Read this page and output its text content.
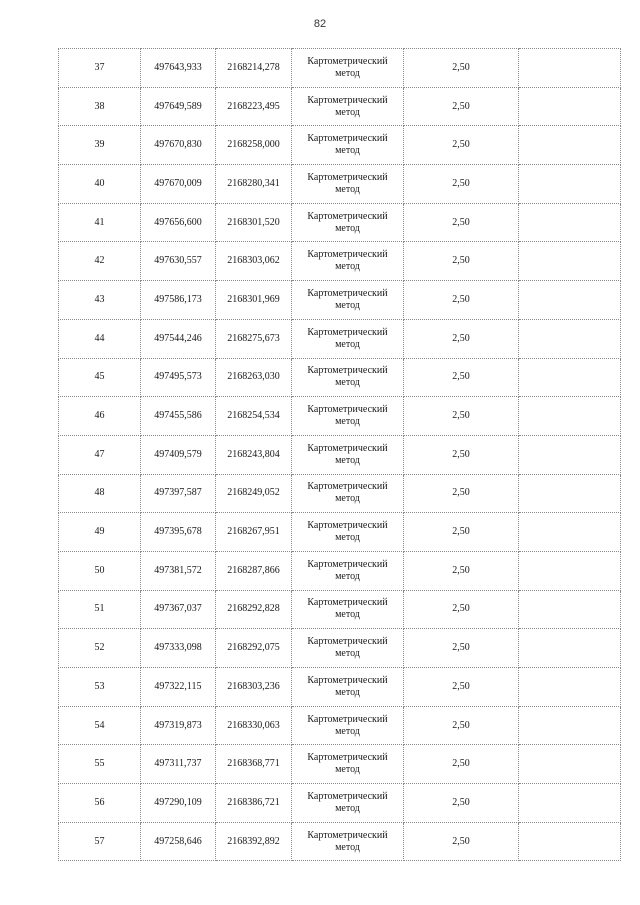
82
37	497643,933	2168214,278	Картометрический
метод	2,50	
38	497649,589	2168223,495	Картометрический
метод	2,50	
39	497670,830	2168258,000	Картометрический
метод	2,50	
40	497670,009	2168280,341	Картометрический
метод	2,50	
41	497656,600	2168301,520	Картометрический
метод	2,50	
42	497630,557	2168303,062	Картометрический
метод	2,50	
43	497586,173	2168301,969	Картометрический
метод	2,50	
44	497544,246	2168275,673	Картометрический
метод	2,50	
45	497495,573	2168263,030	Картометрический
метод	2,50	
46	497455,586	2168254,534	Картометрический
метод	2,50	
47	497409,579	2168243,804	Картометрический
метод	2,50	
48	497397,587	2168249,052	Картометрический
метод	2,50	
49	497395,678	2168267,951	Картометрический
метод	2,50	
50	497381,572	2168287,866	Картометрический
метод	2,50	
51	497367,037	2168292,828	Картометрический
метод	2,50	
52	497333,098	2168292,075	Картометрический
метод	2,50	
53	497322,115	2168303,236	Картометрический
метод	2,50	
54	497319,873	2168330,063	Картометрический
метод	2,50	
55	497311,737	2168368,771	Картометрический
метод	2,50	
56	497290,109	2168386,721	Картометрический
метод	2,50	
57	497258,646	2168392,892	Картометрический
метод	2,50	
